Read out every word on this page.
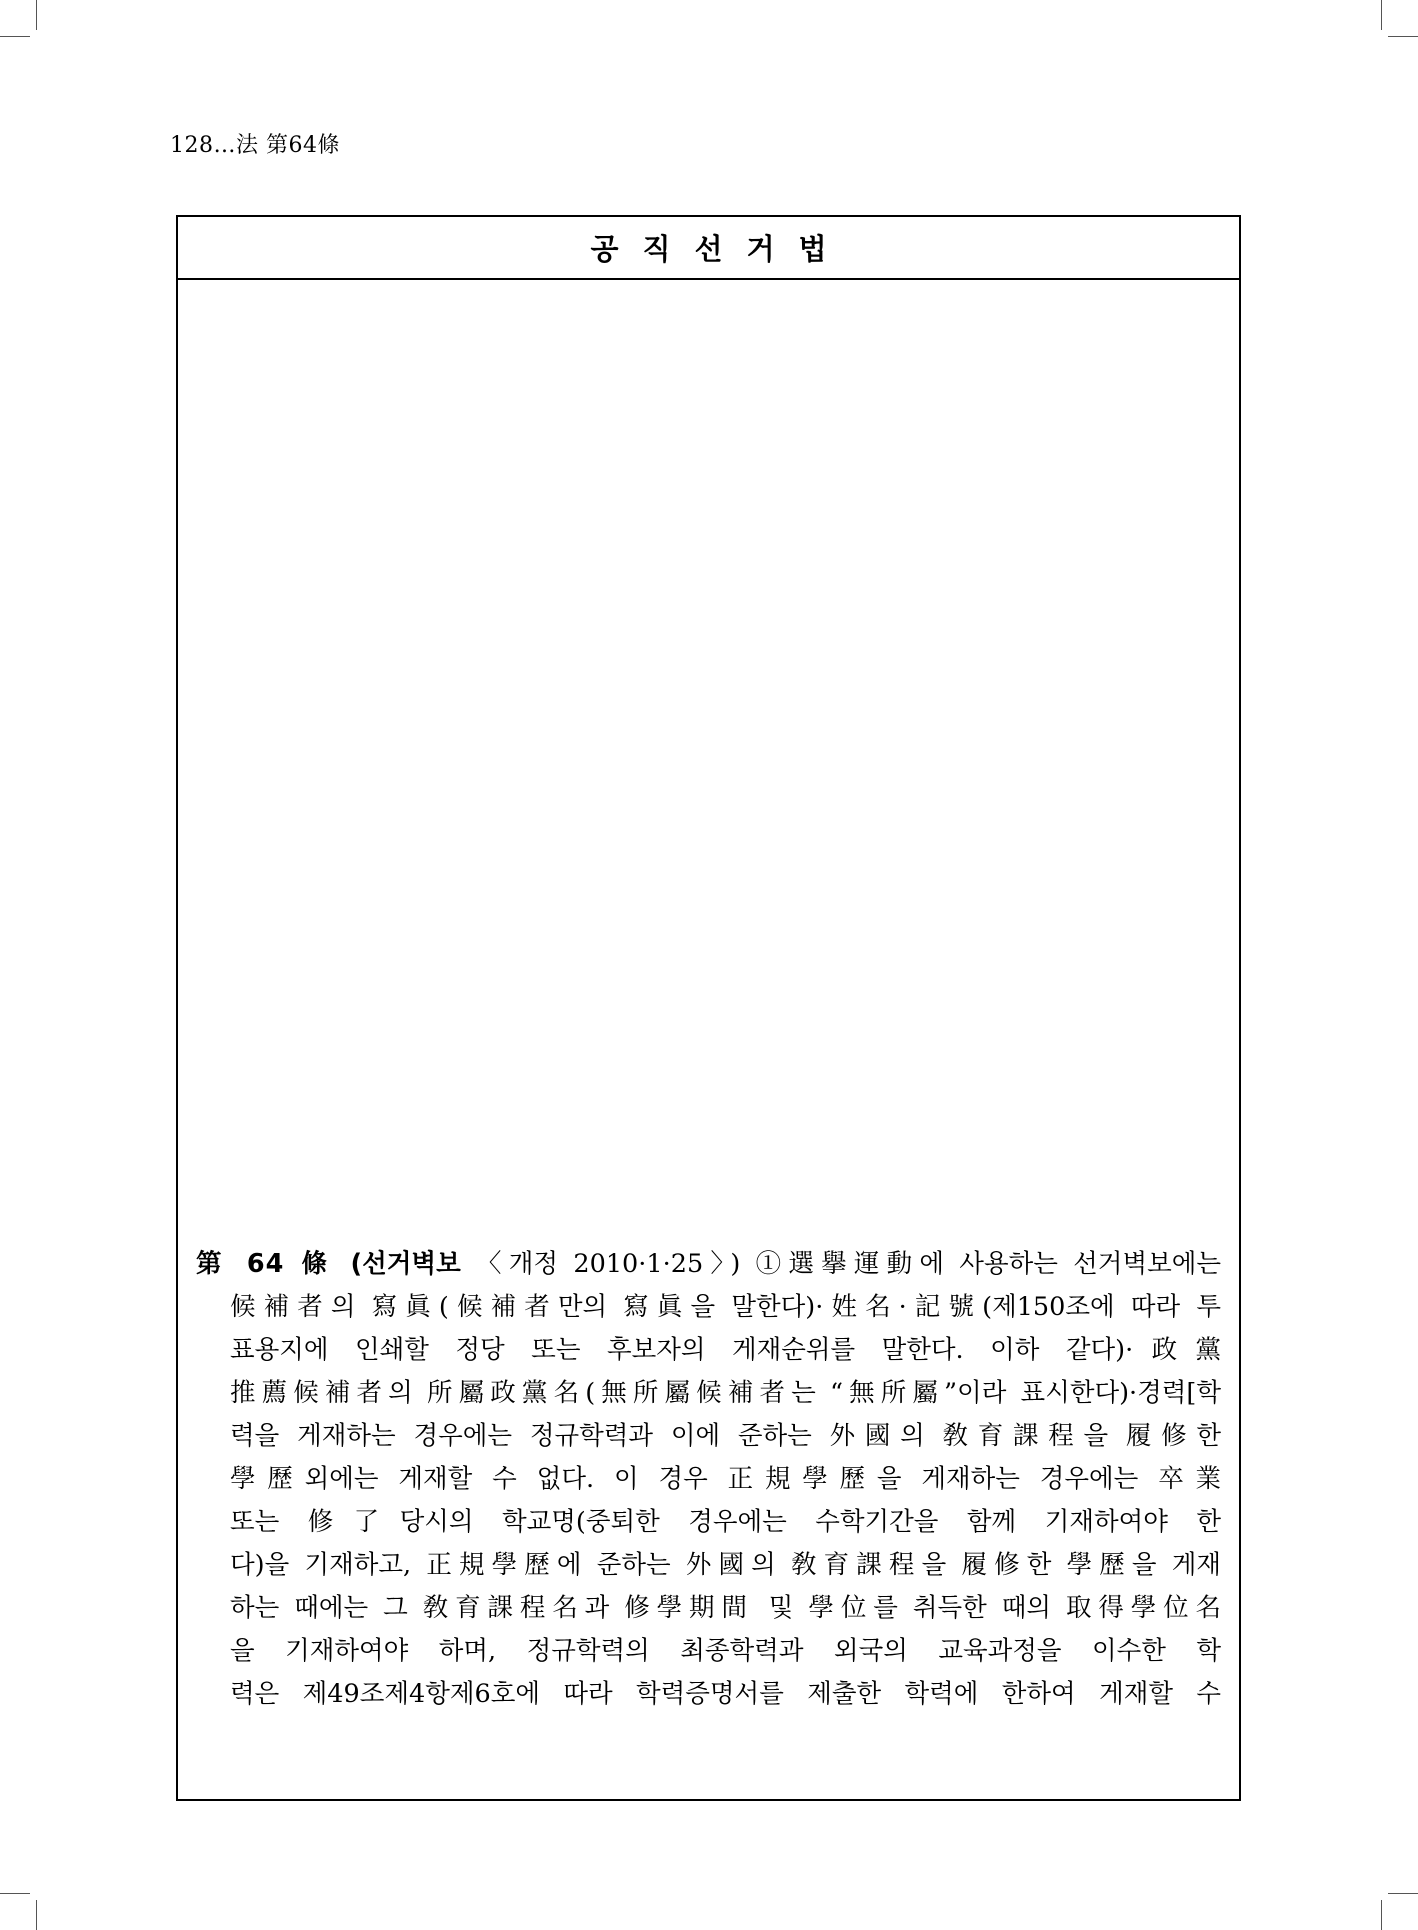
128…法 第64條
공직선거법
第 64 條 (선거벽보 〈개정 2010·1·25〉) ①選擧運動에 사용하는 선거벽보에는
候補者의 寫眞(候補者만의 寫眞을 말한다)·姓名·記號(제150조에 따라 투
표용지에 인쇄할 정당 또는 후보자의 게재순위를 말한다. 이하 같다)·政黨
推薦候補者의 所屬政黨名(無所屬候補者는 “無所屬”이라 표시한다)·경력[학
력을 게재하는 경우에는 정규학력과 이에 준하는 外國의 敎育課程을 履修한
學歷외에는 게재할 수 없다. 이 경우 正規學歷을 게재하는 경우에는 卒業
또는 修了당시의 학교명(중퇴한 경우에는 수학기간을 함께 기재하여야 한
다)을 기재하고, 正規學歷에 준하는 外國의 敎育課程을 履修한 學歷을 게재
하는 때에는 그 敎育課程名과 修學期間 및 學位를 취득한 때의 取得學位名
을 기재하여야 하며, 정규학력의 최종학력과 외국의 교육과정을 이수한 학
력은 제49조제4항제6호에 따라 학력증명서를 제출한 학력에 한하여 게재할 수
